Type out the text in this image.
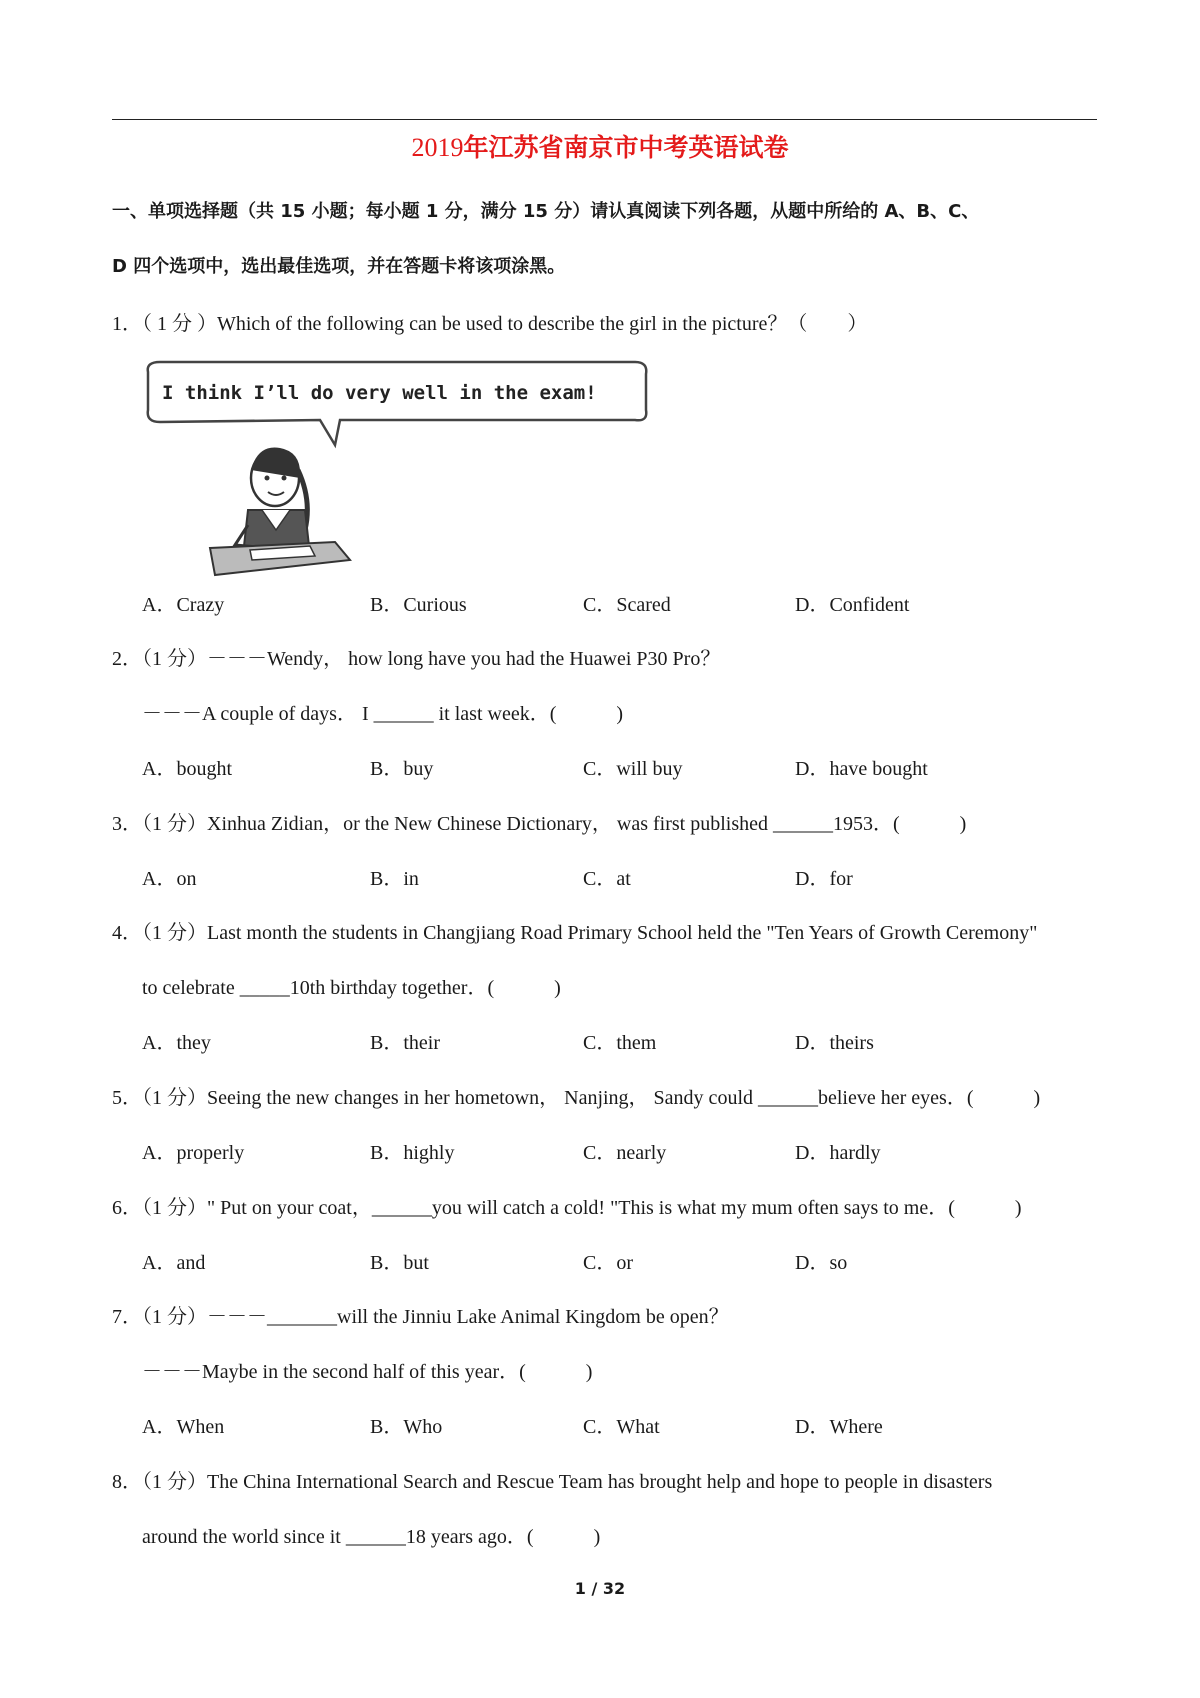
2019年江苏省南京市中考英语试卷
一、单项选择题（共 15 小题；每小题 1 分，满分 15 分）请认真阅读下列各题，从题中所给的 A、B、C、
D 四个选项中，选出最佳选项，并在答题卡将该项涂黑。
1．（ 1 分 ）Which of the following can be used to describe the girl in the picture？（　　）
I think I’ll do very well in the exam!
A．Crazy	B．Curious	C．Scared	D．Confident
2．（1 分）－－－Wendy， how long have you had the Huawei P30 Pro？
－－－A couple of days． I ______ it last week．(　　　)
A．bought	B．buy	C．will buy	D．have bought
3．（1 分）Xinhua Zidian，or the New Chinese Dictionary， was first published ______1953．(　　　)
A．on	B．in	C．at	D．for
4．（1 分）Last month the students in Changjiang Road Primary School held the "Ten Years of Growth Ceremony"
to celebrate _____10th birthday together．(　　　)
A．they	B．their	C．them	D．theirs
5．（1 分）Seeing the new changes in her hometown， Nanjing， Sandy could ______believe her eyes．(　　　)
A．properly	B．highly	C．nearly	D．hardly
6．（1 分）" Put on your coat，______you will catch a cold! "This is what my mum often says to me．(　　　)
A．and	B．but	C．or	D．so
7．（1 分）－－－_______will the Jinniu Lake Animal Kingdom be open？
－－－Maybe in the second half of this year．(　　　)
A．When	B．Who	C．What	D．Where
8．（1 分）The China International Search and Rescue Team has brought help and hope to people in disasters
around the world since it ______18 years ago．(　　　)
1 / 32
